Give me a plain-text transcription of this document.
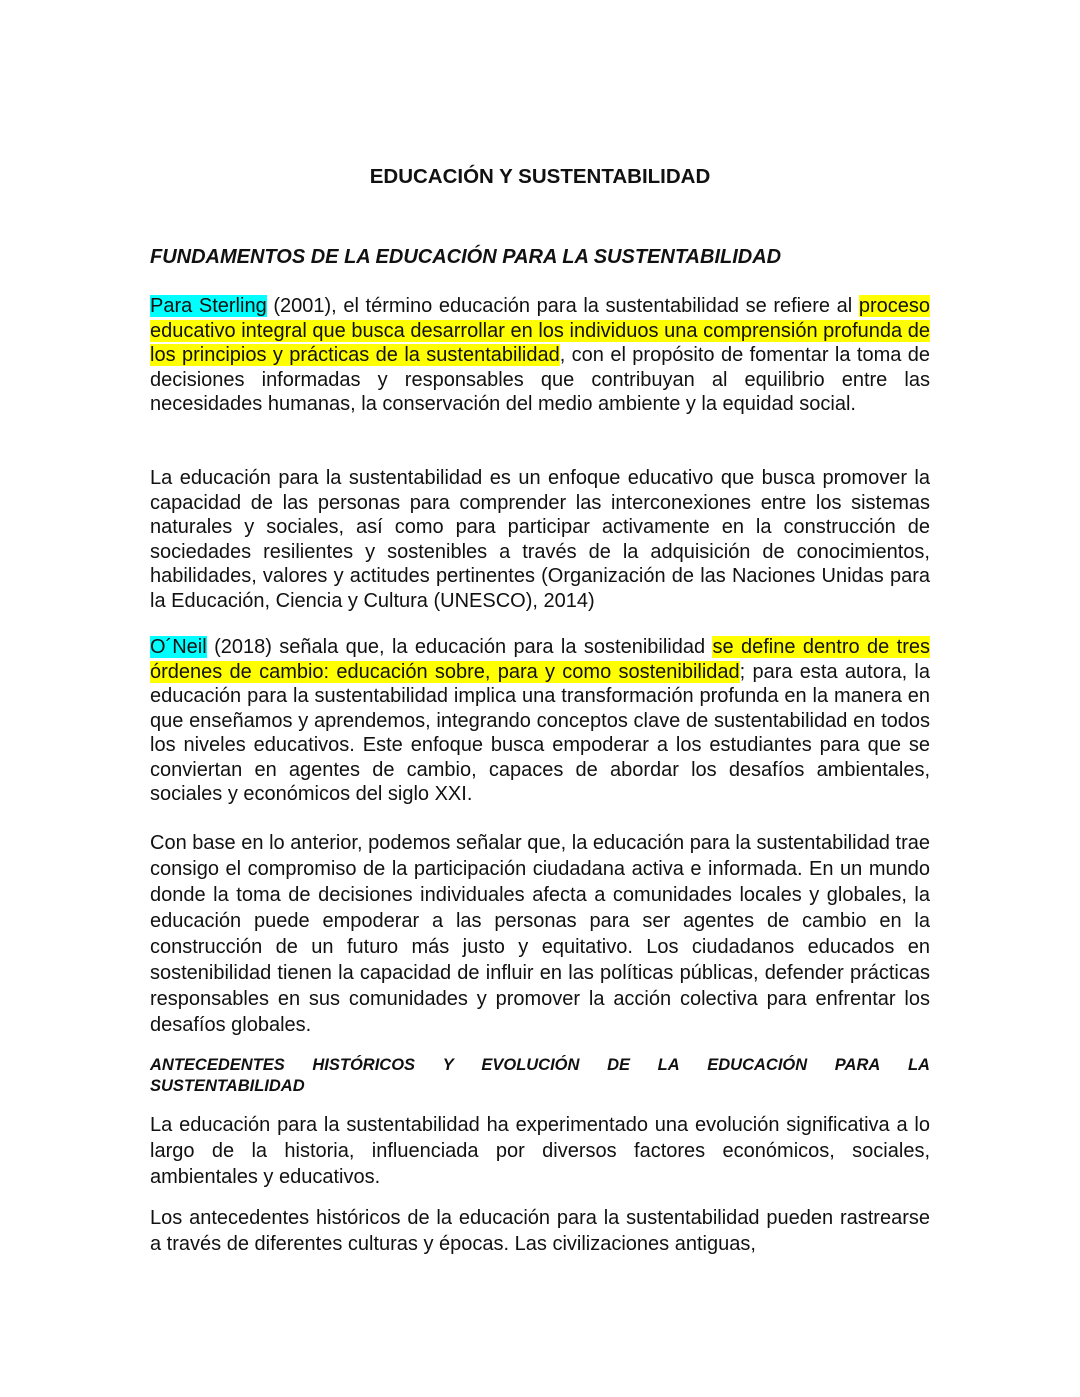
EDUCACIÓN Y SUSTENTABILIDAD
FUNDAMENTOS DE LA EDUCACIÓN PARA LA SUSTENTABILIDAD

Para Sterling (2001), el término educación para la sustentabilidad se refiere al proceso educativo integral que busca desarrollar en los individuos una comprensión profunda de los principios y prácticas de la sustentabilidad, con el propósito de fomentar la toma de decisiones informadas y responsables que contribuyan al equilibrio entre las necesidades humanas, la conservación del medio ambiente y la equidad social.

La educación para la sustentabilidad es un enfoque educativo que busca promover la capacidad de las personas para comprender las interconexiones entre los sistemas naturales y sociales, así como para participar activamente en la construcción de sociedades resilientes y sostenibles a través de la adquisición de conocimientos, habilidades, valores y actitudes pertinentes (Organización de las Naciones Unidas para la Educación, Ciencia y Cultura (UNESCO), 2014)

O´Neil (2018) señala que, la educación para la sostenibilidad se define dentro de tres órdenes de cambio: educación sobre, para y como sostenibilidad; para esta autora, la educación para la sustentabilidad implica una transformación profunda en la manera en que enseñamos y aprendemos, integrando conceptos clave de sustentabilidad en todos los niveles educativos. Este enfoque busca empoderar a los estudiantes para que se conviertan en agentes de cambio, capaces de abordar los desafíos ambientales, sociales y económicos del siglo XXI.

Con base en lo anterior, podemos señalar que, la educación para la sustentabilidad trae consigo el compromiso de la participación ciudadana activa e informada. En un mundo donde la toma de decisiones individuales afecta a comunidades locales y globales, la educación puede empoderar a las personas para ser agentes de cambio en la construcción de un futuro más justo y equitativo. Los ciudadanos educados en sostenibilidad tienen la capacidad de influir en las políticas públicas, defender prácticas responsables en sus comunidades y promover la acción colectiva para enfrentar los desafíos globales.

ANTECEDENTES HISTÓRICOS Y EVOLUCIÓN DE LA EDUCACIÓN PARA LA
SUSTENTABILIDAD

La educación para la sustentabilidad ha experimentado una evolución significativa a lo largo de la historia, influenciada por diversos factores económicos, sociales, ambientales y educativos.

Los antecedentes históricos de la educación para la sustentabilidad pueden rastrearse a través de diferentes culturas y épocas. Las civilizaciones antiguas,
